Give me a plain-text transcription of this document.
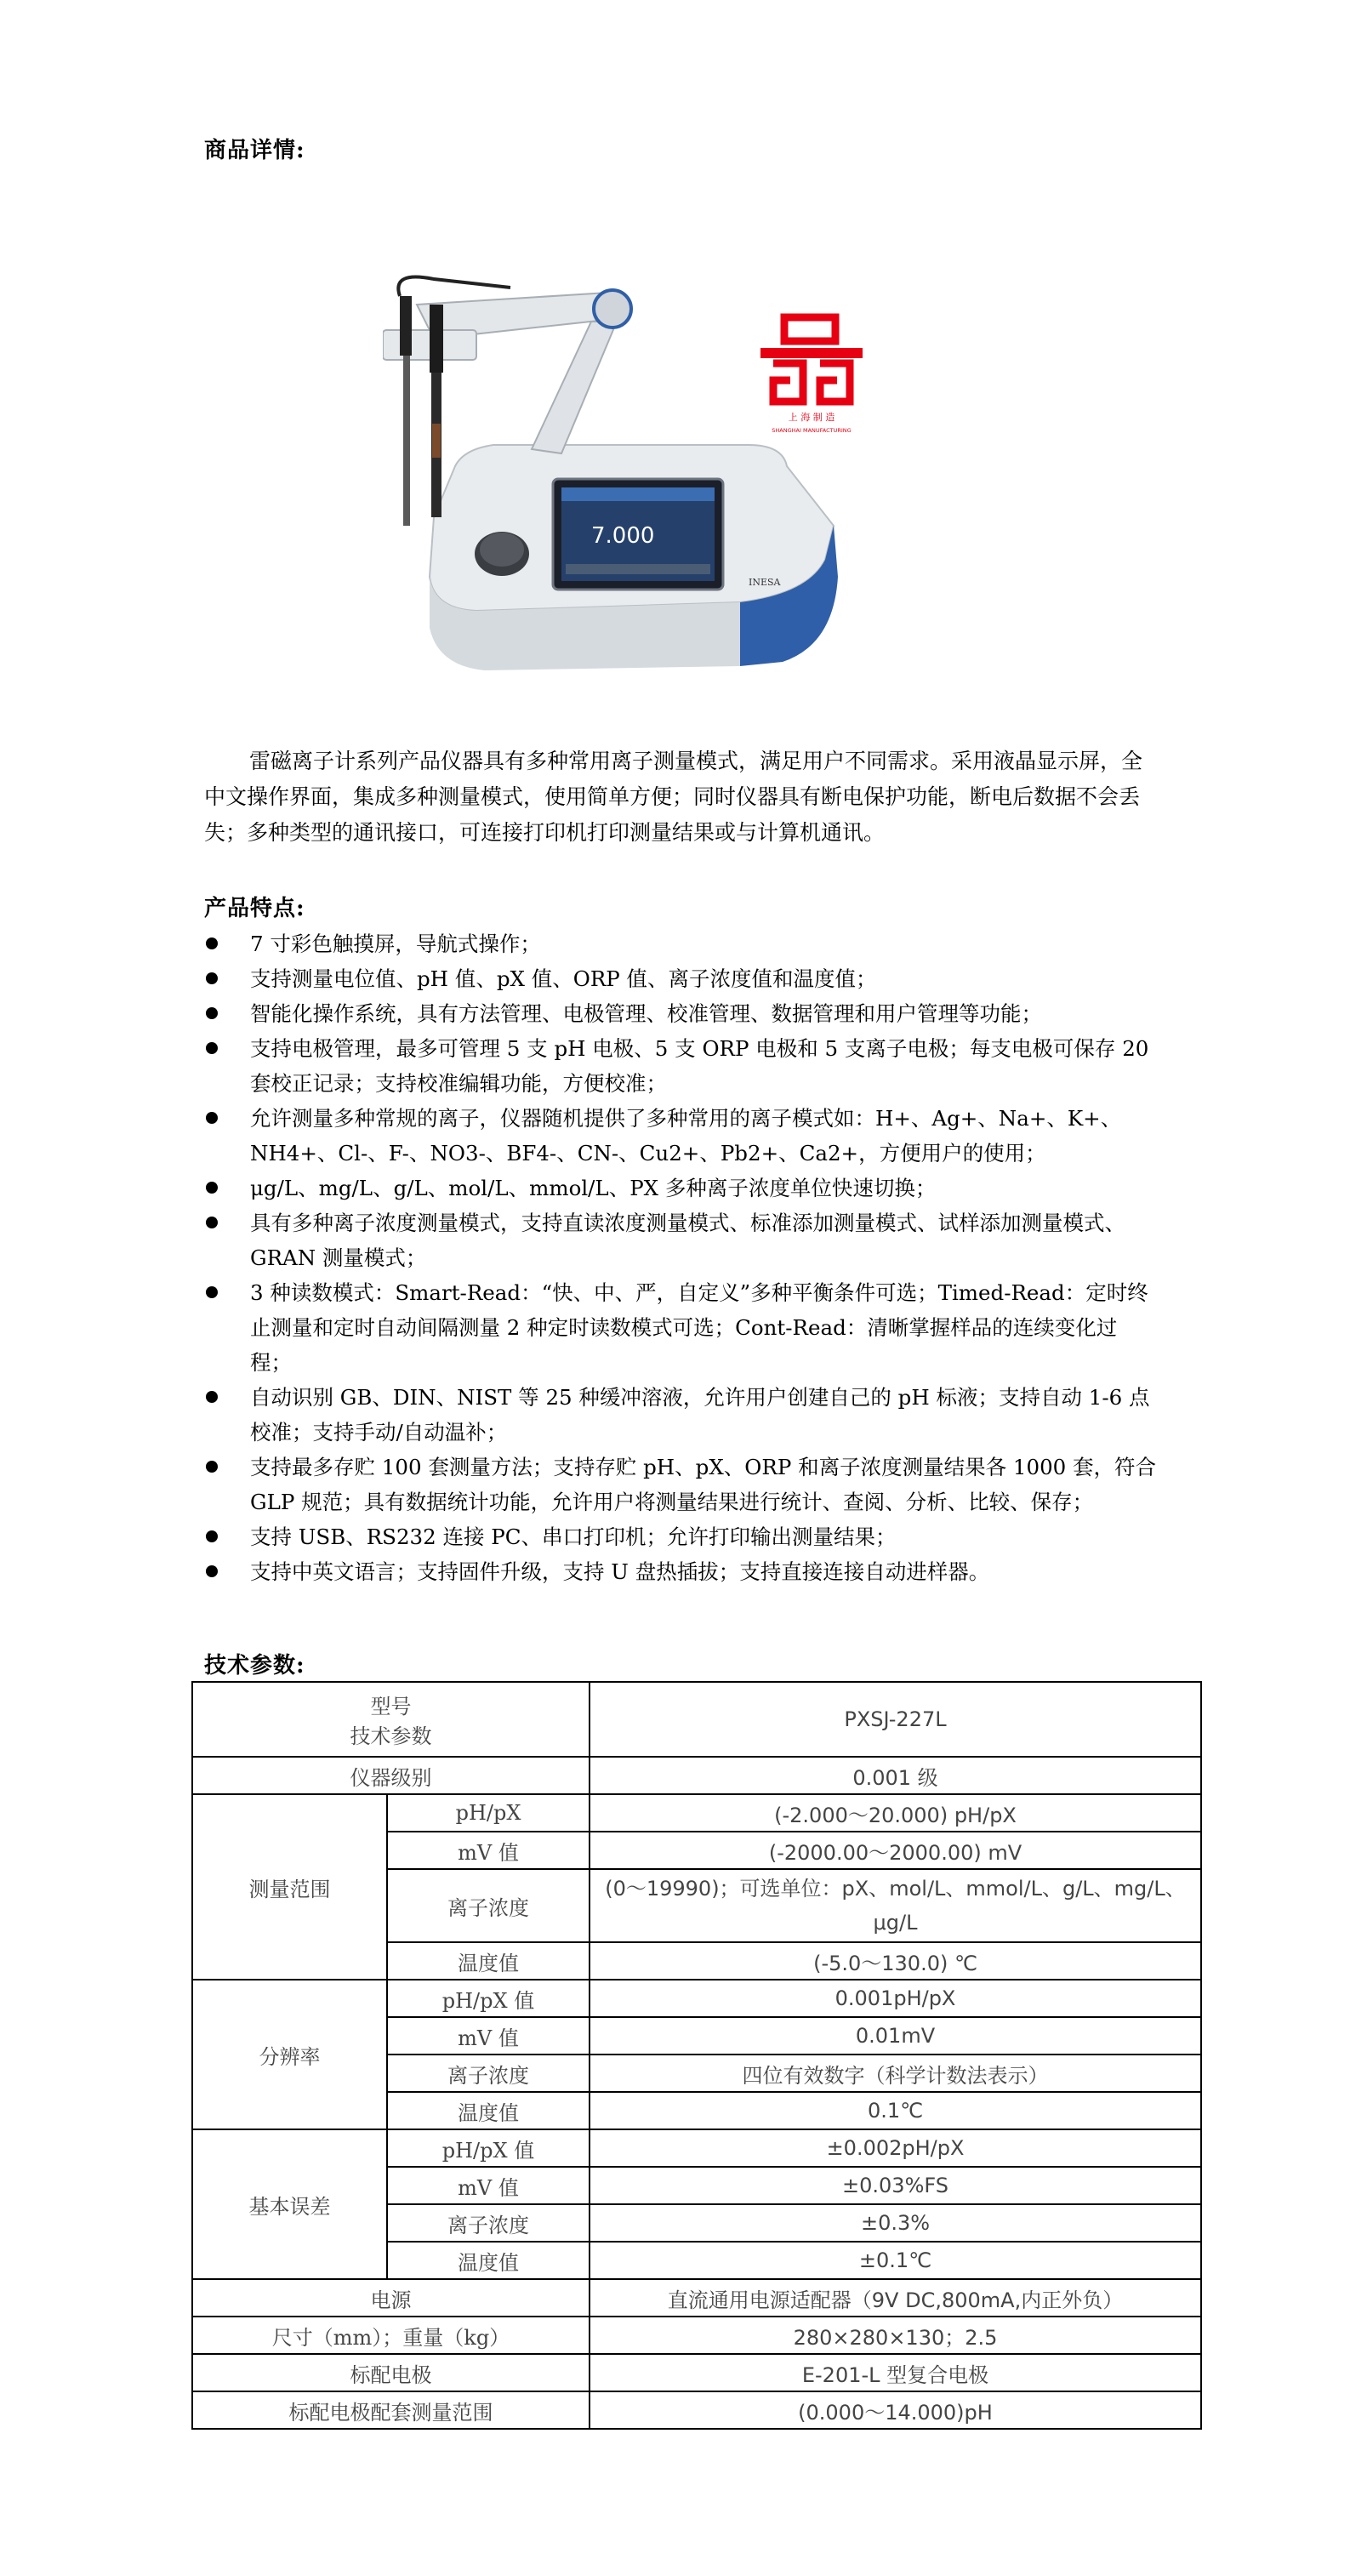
商品详情:
7.000
INESA
上 海 制 造
SHANGHAI MANUFACTURING
雷磁离子计系列产品仪器具有多种常用离子测量模式，满足用户不同需求。采用液晶显示屏，全中文操作界面，集成多种测量模式，使用简单方便；同时仪器具有断电保护功能，断电后数据不会丢失；多种类型的通讯接口，可连接打印机打印测量结果或与计算机通讯。
产品特点:
7 寸彩色触摸屏，导航式操作；
支持测量电位值、pH 值、pX 值、ORP 值、离子浓度值和温度值；
智能化操作系统，具有方法管理、电极管理、校准管理、数据管理和用户管理等功能；
支持电极管理，最多可管理 5 支 pH 电极、5 支 ORP 电极和 5 支离子电极；每支电极可保存 20 套校正记录；支持校准编辑功能，方便校准；
允许测量多种常规的离子，仪器随机提供了多种常用的离子模式如：H+、Ag+、Na+、K+、NH4+、Cl-、F-、NO3-、BF4-、CN-、Cu2+、Pb2+、Ca2+，方便用户的使用；
μg/L、mg/L、g/L、mol/L、mmol/L、PX 多种离子浓度单位快速切换；
具有多种离子浓度测量模式，支持直读浓度测量模式、标准添加测量模式、试样添加测量模式、GRAN 测量模式；
3 种读数模式：Smart-Read：“快、中、严，自定义”多种平衡条件可选；Timed-Read：定时终止测量和定时自动间隔测量 2 种定时读数模式可选；Cont-Read：清晰掌握样品的连续变化过程；
自动识别 GB、DIN、NIST 等 25 种缓冲溶液，允许用户创建自己的 pH 标液；支持自动 1-6 点校准；支持手动/自动温补；
支持最多存贮 100 套测量方法；支持存贮 pH、pX、ORP 和离子浓度测量结果各 1000 套，符合 GLP 规范；具有数据统计功能，允许用户将测量结果进行统计、查阅、分析、比较、保存；
支持 USB、RS232 连接 PC、串口打印机；允许打印输出测量结果；
支持中英文语言；支持固件升级，支持 U 盘热插拔；支持直接连接自动进样器。
技术参数:
型号
技术参数		PXSJ-227L
仪器级别		0.001 级
测量范围	pH/pX	(-2.000～20.000) pH/pX
	mV 值	(-2000.00～2000.00) mV
	离子浓度	(0～19990)；可选单位：pX、mol/L、mmol/L、g/L、mg/L、 μg/L
	温度值	(-5.0～130.0) ℃
分辨率	pH/pX 值	0.001pH/pX
	mV 值	0.01mV
	离子浓度	四位有效数字（科学计数法表示）
	温度值	0.1℃
基本误差	pH/pX 值	±0.002pH/pX
	mV 值	±0.03%FS
	离子浓度	±0.3%
	温度值	±0.1℃
电源		直流通用电源适配器（9V DC,800mA,内正外负）
尺寸（mm）；重量（kg）		280×280×130；2.5
标配电极		E-201-L 型复合电极
标配电极配套测量范围		(0.000～14.000)pH
